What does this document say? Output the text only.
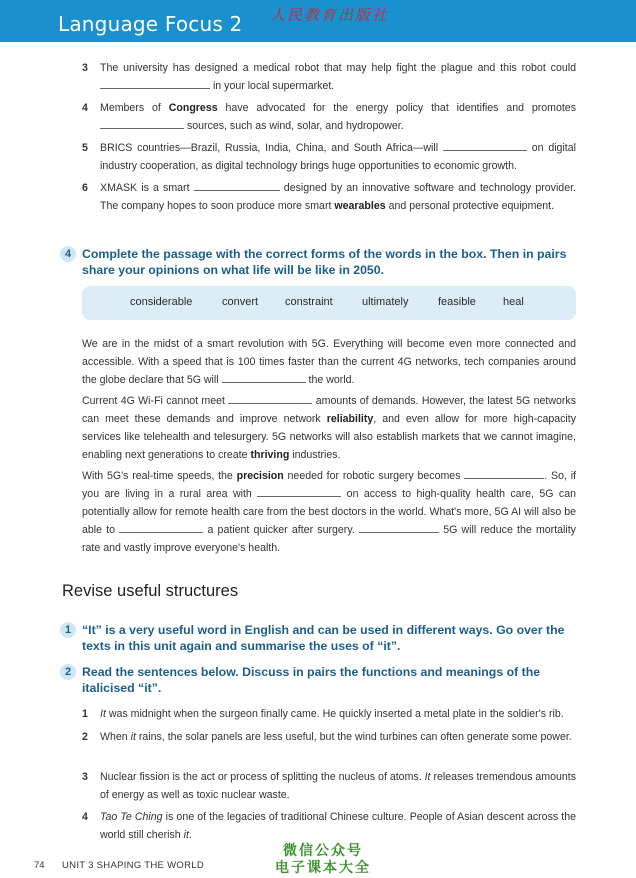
Language Focus 2 人民教育出版社
3 The university has designed a medical robot that may help fight the plague and this robot could  in your local supermarket.
4 Members of Congress have advocated for the energy policy that identifies and promotes  sources, such as wind, solar, and hydropower.
5 BRICS countries—Brazil, Russia, India, China, and South Africa—will	on digital industry cooperation, as digital technology brings huge opportunities to economic growth.
6 XMASK is a smart	designed by an innovative software and technology provider. The company hopes to soon produce more smart wearables and personal protective equipment.
4 Complete the passage with the correct forms of the words in the box. Then in pairs share your opinions on what life will be like in 2050.
considerable	convert constraint	ultimately	feasible heal
We are in the midst of a smart revolution with 5G. Everything will become even more connected and accessible. With a speed that is 100 times faster than the current 4G networks, tech companies around the globe declare that 5G will	the world.
Current 4G Wi-Fi cannot meet	amounts of demands. However, the latest 5G networks can meet these demands and improve network reliability, and even allow for more high-capacity services like telehealth and telesurgery. 5G networks will also establish markets that we cannot imagine, enabling next generations to create thriving industries.
With 5G's real-time speeds, the precision needed for robotic surgery becomes	. So, if you are living in a rural area with	on access to high-quality health care, 5G can potentially allow for remote health care from the best doctors in the world. What's more, 5G AI will also be able to	a patient quicker after surgery.	5G will reduce the mortality rate and vastly improve everyone's health.
Revise useful structures
1 “It” is a very useful word in English and can be used in different ways. Go over the texts in this unit again and summarise the uses of “it”.
2 Read the sentences below. Discuss in pairs the functions and meanings of the italicised “it”.
1 It was midnight when the surgeon finally came. He quickly inserted a metal plate in the soldier's rib.
2 When it rains, the solar panels are less useful, but the wind turbines can often generate some power.
3 Nuclear fission is the act or process of splitting the nucleus of atoms. It releases tremendous amounts of energy as well as toxic nuclear waste.
4 Tao Te Ching is one of the legacies of traditional Chinese culture. People of Asian descent across the world still cherish it.
74 UNIT 3 SHAPING THE WORLD
微信公众号
电子课本大全
